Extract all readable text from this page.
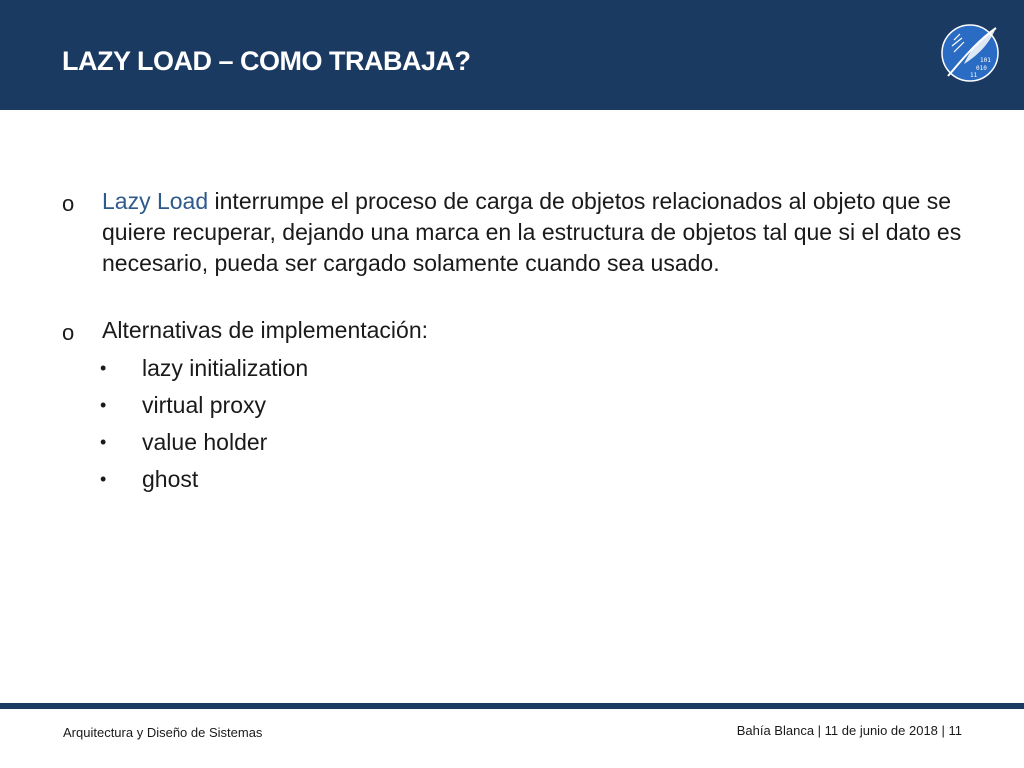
LAZY LOAD – COMO TRABAJA?	101
010
11
o Lazy Load interrumpe el proceso de carga de objetos relacionados al objeto que se quiere recuperar, dejando una marca en la estructura de objetos tal que si el dato es necesario, pueda ser cargado solamente cuando sea usado.

o Alternativas de implementación:

• lazy initialization
• virtual proxy
• value holder
• ghost
Arquitectura y Diseño de Sistemas	Bahía Blanca | 11 de junio de 2018 | 11
